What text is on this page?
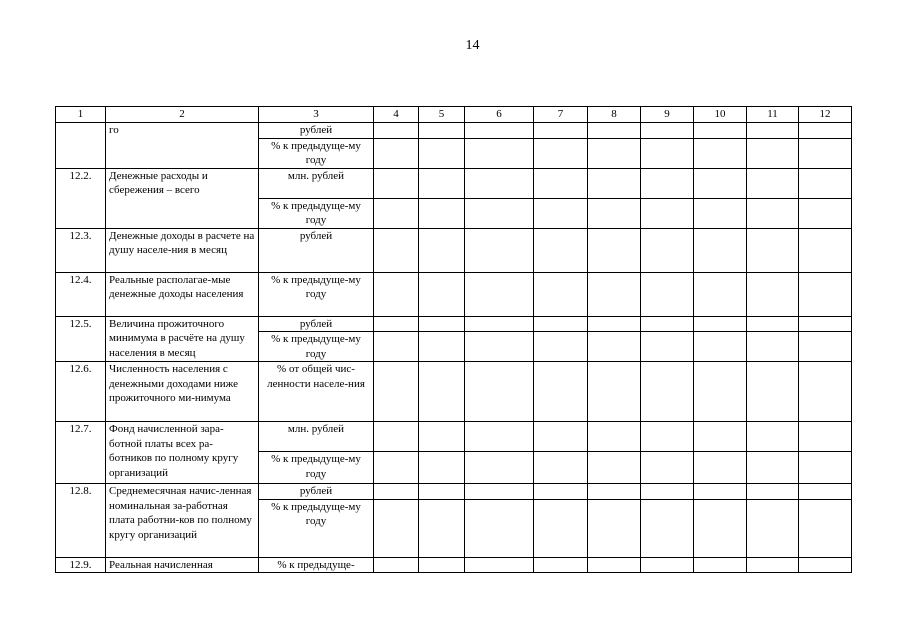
14
1	2	3	4	5	6	7	8	9	10	11	12
	го	рублей									
		% к предыдуще-му году									
12.2.	Денежные расходы и сбережения – всего	млн. рублей									
		% к предыдуще-му году									
12.3.	Денежные доходы в расчете на душу населе-ния в месяц	рублей									
12.4.	Реальные располагае-мые денежные доходы населения	% к предыдуще-му году									
12.5.	Величина прожиточного минимума в расчёте на душу населения в месяц	рублей									
		% к предыдуще-му году									
12.6.	Численность населения с денежными доходами ниже прожиточного ми-нимума	% от общей чис-ленности населе-ния									
12.7.	Фонд начисленной зара-ботной платы всех ра-ботников по полному кругу организаций	млн. рублей									
		% к предыдуще-му году									
12.8.	Среднемесячная начис-ленная номинальная за-работная плата работни-ков по полному кругу организаций	рублей									
		% к предыдуще-му году									
12.9.	Реальная начисленная	% к предыдуще-									
